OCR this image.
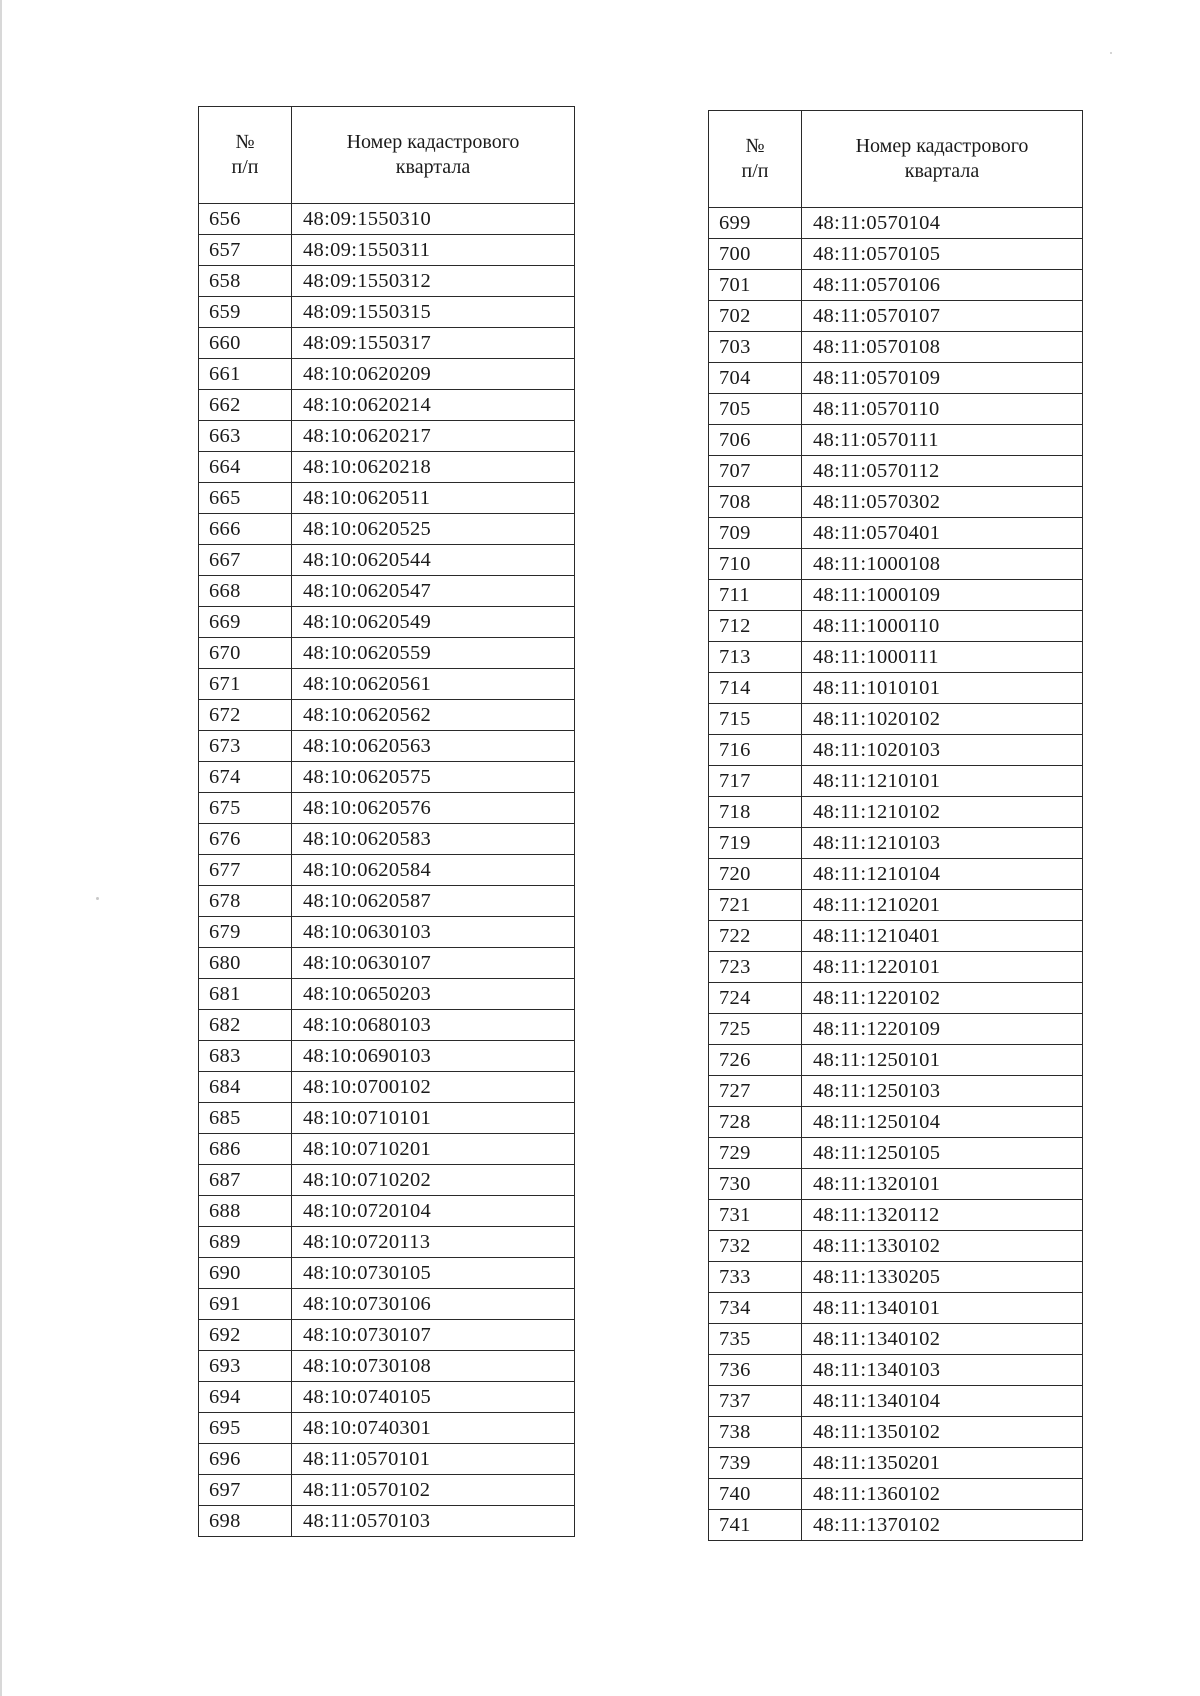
№
п/п	Номер кадастрового
квартала
656	48:09:1550310
657	48:09:1550311
658	48:09:1550312
659	48:09:1550315
660	48:09:1550317
661	48:10:0620209
662	48:10:0620214
663	48:10:0620217
664	48:10:0620218
665	48:10:0620511
666	48:10:0620525
667	48:10:0620544
668	48:10:0620547
669	48:10:0620549
670	48:10:0620559
671	48:10:0620561
672	48:10:0620562
673	48:10:0620563
674	48:10:0620575
675	48:10:0620576
676	48:10:0620583
677	48:10:0620584
678	48:10:0620587
679	48:10:0630103
680	48:10:0630107
681	48:10:0650203
682	48:10:0680103
683	48:10:0690103
684	48:10:0700102
685	48:10:0710101
686	48:10:0710201
687	48:10:0710202
688	48:10:0720104
689	48:10:0720113
690	48:10:0730105
691	48:10:0730106
692	48:10:0730107
693	48:10:0730108
694	48:10:0740105
695	48:10:0740301
696	48:11:0570101
697	48:11:0570102
698	48:11:0570103
№
п/п	Номер кадастрового
квартала
699	48:11:0570104
700	48:11:0570105
701	48:11:0570106
702	48:11:0570107
703	48:11:0570108
704	48:11:0570109
705	48:11:0570110
706	48:11:0570111
707	48:11:0570112
708	48:11:0570302
709	48:11:0570401
710	48:11:1000108
711	48:11:1000109
712	48:11:1000110
713	48:11:1000111
714	48:11:1010101
715	48:11:1020102
716	48:11:1020103
717	48:11:1210101
718	48:11:1210102
719	48:11:1210103
720	48:11:1210104
721	48:11:1210201
722	48:11:1210401
723	48:11:1220101
724	48:11:1220102
725	48:11:1220109
726	48:11:1250101
727	48:11:1250103
728	48:11:1250104
729	48:11:1250105
730	48:11:1320101
731	48:11:1320112
732	48:11:1330102
733	48:11:1330205
734	48:11:1340101
735	48:11:1340102
736	48:11:1340103
737	48:11:1340104
738	48:11:1350102
739	48:11:1350201
740	48:11:1360102
741	48:11:1370102
